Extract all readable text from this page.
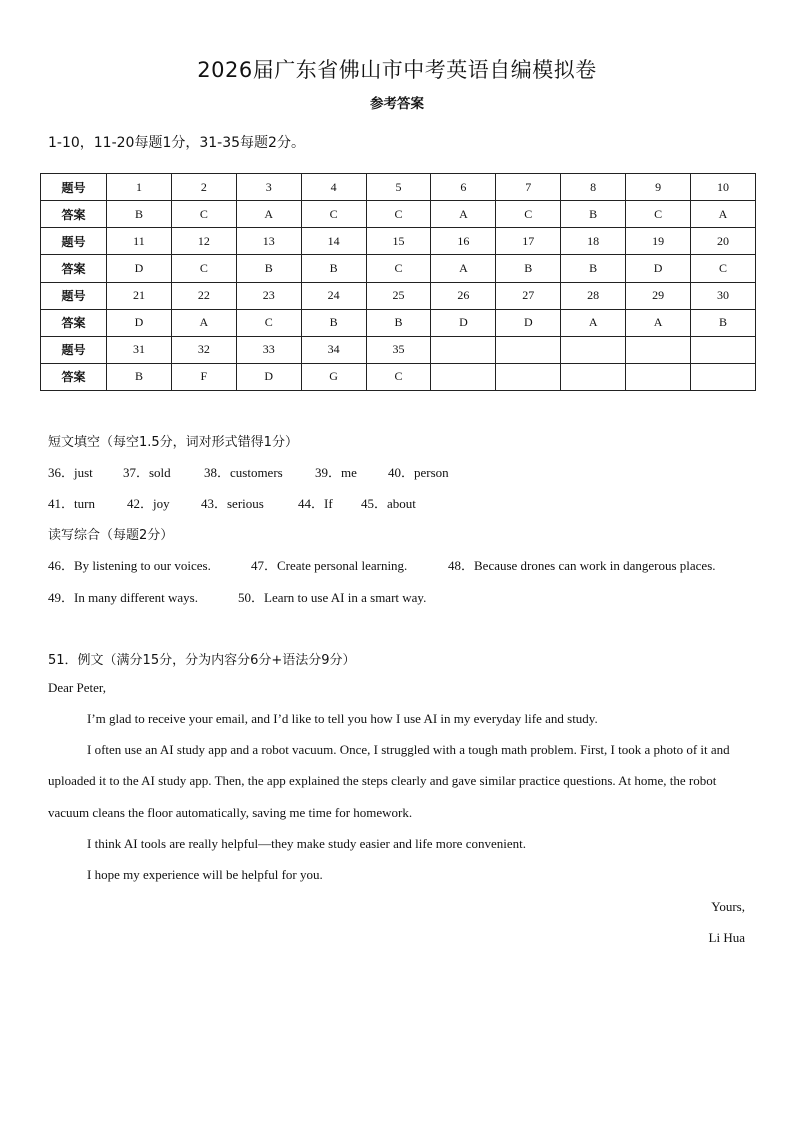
2026届广东省佛山市中考英语自编模拟卷
参考答案
1-10，11-20每题1分，31-35每题2分。
题号	1	2	3	4	5	6	7	8	9	10
答案	B	C	A	C	C	A	C	B	C	A
题号	11	12	13	14	15	16	17	18	19	20
答案	D	C	B	B	C	A	B	B	D	C
题号	21	22	23	24	25	26	27	28	29	30
答案	D	A	C	B	B	D	D	A	A	B
题号	31	32	33	34	35					
答案	B	F	D	G	C					
短文填空（每空1.5分，词对形式错得1分）
36．just 37．sold	38．customers 39．me 40．person
41．turn 42．joy 43．serious	44．If 45．about
读写综合（每题2分）
46．By listening to our voices.	47．Create personal learning.	48．Because drones can work in dangerous places.
49．In many different ways.	50．Learn to use AI in a smart way.
51．例文（满分15分，分为内容分6分+语法分9分）
Dear Peter,

I’m glad to receive your email, and I’d like to tell you how I use AI in my everyday life and study.

I often use an AI study app and a robot vacuum. Once, I struggled with a tough math problem. First, I took a photo of it and uploaded it to the AI study app. Then, the app explained the steps clearly and gave similar practice questions. At home, the robot vacuum cleans the floor automatically, saving me time for homework.

I think AI tools are really helpful—they make study easier and life more convenient.

I hope my experience will be helpful for you.

Yours,
Li Hua
